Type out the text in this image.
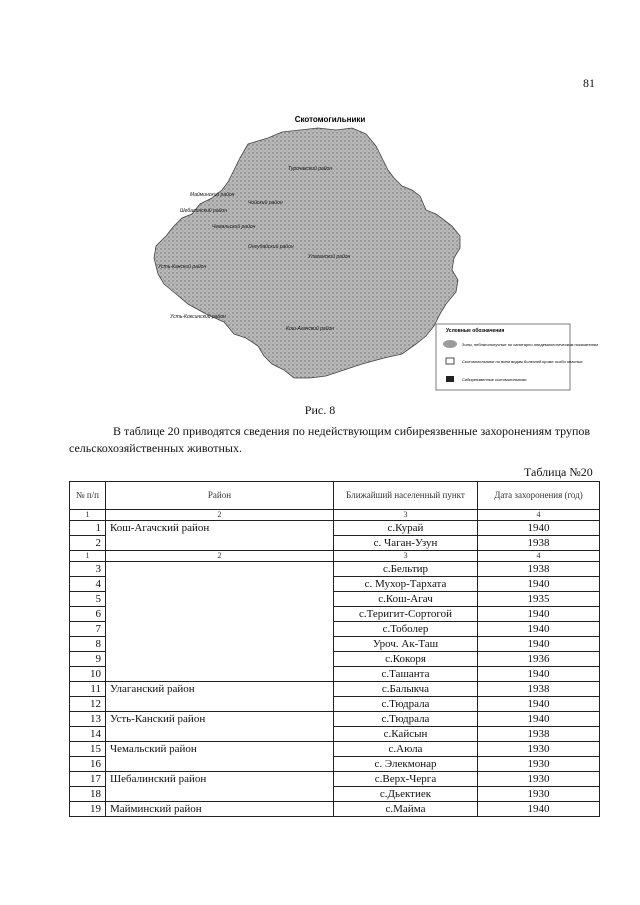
81
Скотомогильники
Турочакский район
Майминский район
Чойский район
Шебалинский район
Чемальский район
Онгудайский район
Усть-Канский район
Улаганский район
Усть-Коксинский район
Кош-Агачский район	Условные обозначения
Зоны, неблагополучные по санитарно-эпидемиологическим показателям
Скотомогильники по всем видам болезней кроме особо опасных
Сибиреязвенные скотомогильники
Рис. 8
В таблице 20 приводятся сведения по недействующим сибиреязвенные захоронениям трупов сельскохозяйственных животных.
Таблица №20
№ п/п	Район	Ближайший населенный пункт	Дата захоронения (год)
1	2	3	4
1	Кош-Агачский район	с.Курай	1940
2		с. Чаган-Узун	1938
1	2	3	4
3		с.Бельтир	1938
4		с. Мухор-Тархата	1940
5		с.Кош-Агач	1935
6		с.Теригит-Сортогой	1940
7		с.Тоболер	1940
8		Уроч. Ак-Таш	1940
9		с.Кокоря	1936
10		с.Ташанта	1940
11	Улаганский район	с.Балыкча	1938
12		с.Тюдрала	1940
13	Усть-Канский район	с.Тюдрала	1940
14		с.Кайсын	1938
15	Чемальский район	с.Аюла	1930
16		с. Элекмонар	1930
17	Шебалинский район	с.Верх-Черга	1930
18		с.Дьектиек	1930
19	Майминский район	с.Майма	1940
